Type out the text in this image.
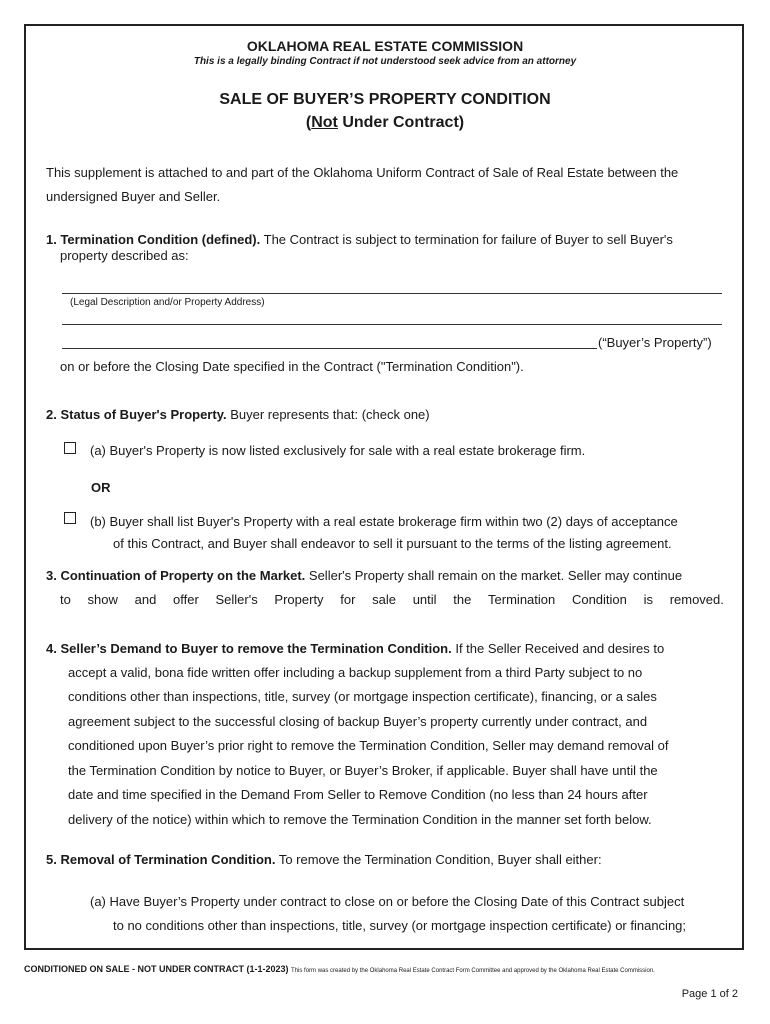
OKLAHOMA REAL ESTATE COMMISSION
This is a legally binding Contract if not understood seek advice from an attorney
SALE OF BUYER’S PROPERTY CONDITION
(Not Under Contract)
This supplement is attached to and part of the Oklahoma Uniform Contract of Sale of Real Estate between the
undersigned Buyer and Seller.
1. Termination Condition (defined). The Contract is subject to termination for failure of Buyer to sell Buyer's
property described as:
(Legal Description and/or Property Address)
(“Buyer’s Property”)
on or before the Closing Date specified in the Contract ("Termination Condition").
2. Status of Buyer's Property. Buyer represents that: (check one)
(a) Buyer's Property is now listed exclusively for sale with a real estate brokerage firm.
OR
(b) Buyer shall list Buyer's Property with a real estate brokerage firm within two (2) days of acceptance
of this Contract, and Buyer shall endeavor to sell it pursuant to the terms of the listing agreement.
3. Continuation of Property on the Market. Seller's Property shall remain on the market. Seller may continue
to show and offer Seller's Property for sale until the Termination Condition is removed.
4. Seller’s Demand to Buyer to remove the Termination Condition. If the Seller Received and desires to
accept a valid, bona fide written offer including a backup supplement from a third Party subject to no
conditions other than inspections, title, survey (or mortgage inspection certificate), financing, or a sales
agreement subject to the successful closing of backup Buyer’s property currently under contract, and
conditioned upon Buyer’s prior right to remove the Termination Condition, Seller may demand removal of
the Termination Condition by notice to Buyer, or Buyer’s Broker, if applicable. Buyer shall have until the
date and time specified in the Demand From Seller to Remove Condition (no less than 24 hours after
delivery of the notice) within which to remove the Termination Condition in the manner set forth below.
5. Removal of Termination Condition. To remove the Termination Condition, Buyer shall either:
(a) Have Buyer’s Property under contract to close on or before the Closing Date of this Contract subject
to no conditions other than inspections, title, survey (or mortgage inspection certificate) or financing;
CONDITIONED ON SALE - NOT UNDER CONTRACT (1-1-2023) This form was created by the Oklahoma Real Estate Contract Form Committee and approved by the Oklahoma Real Estate Commission.
Page 1 of 2
